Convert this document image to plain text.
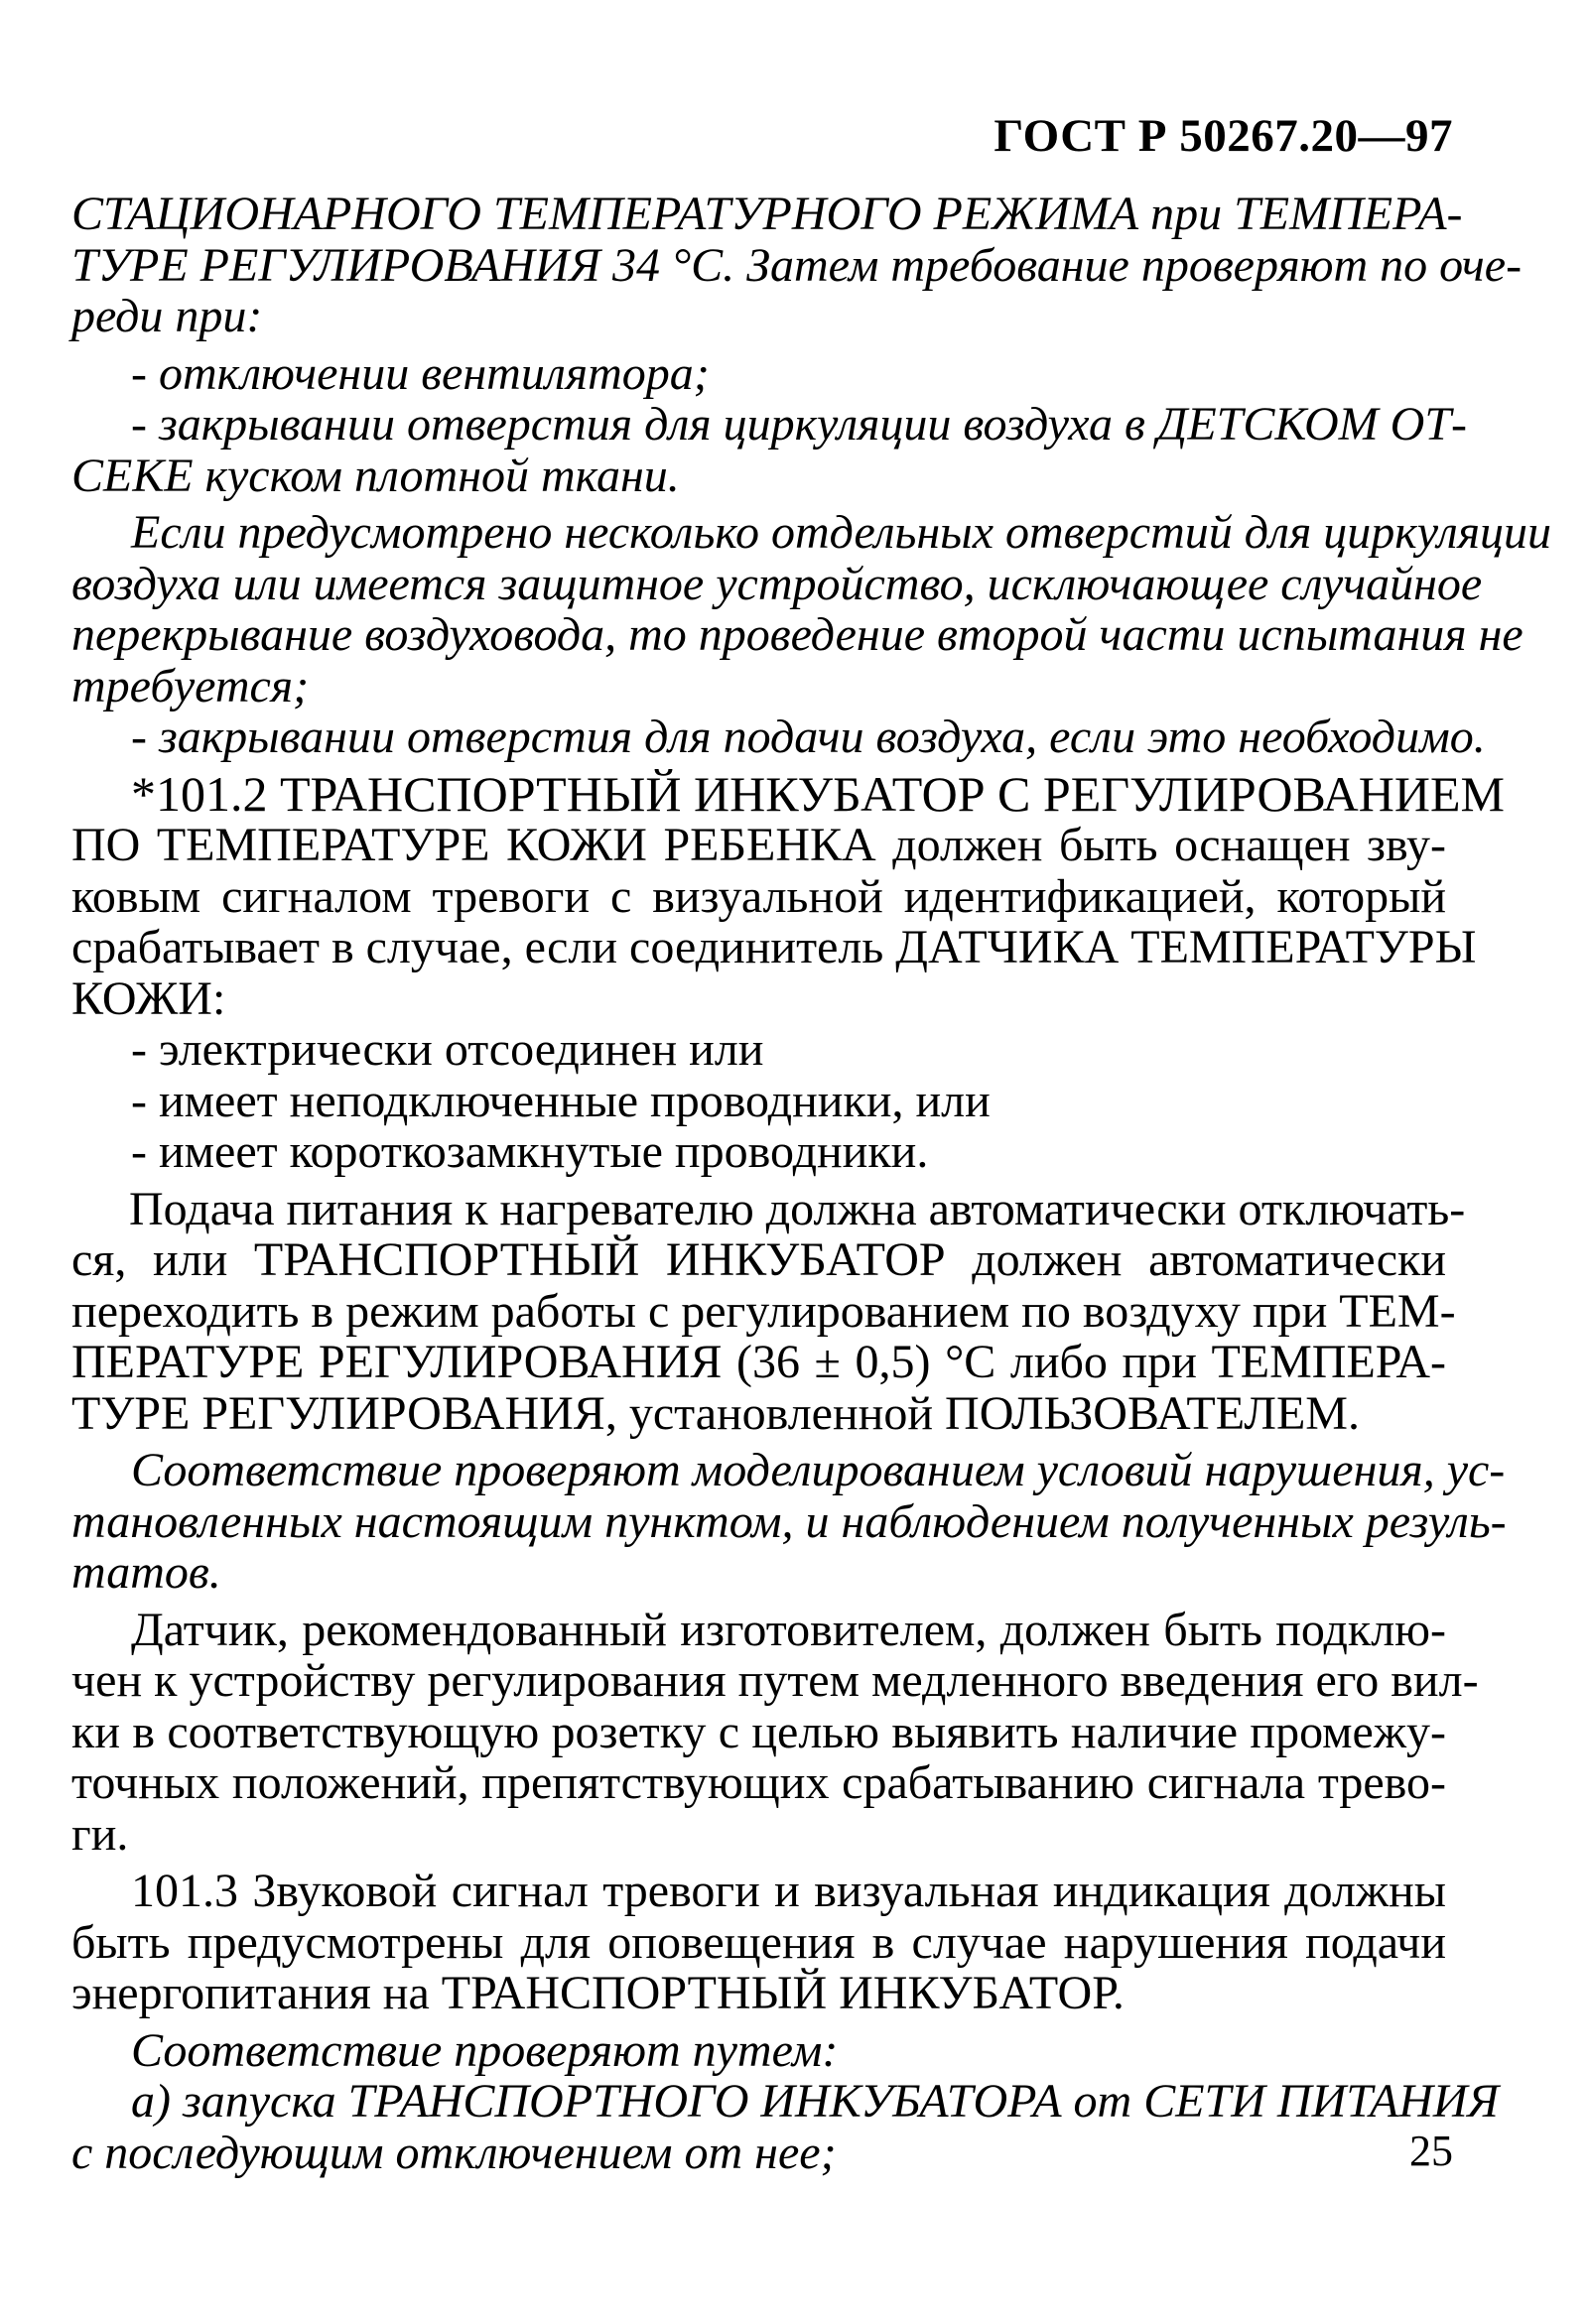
ГОСТ Р 50267.20—97
СТАЦИОНАРНОГО ТЕМПЕРАТУРНОГО РЕЖИМА при ТЕМПЕРА-
ТУРЕ РЕГУЛИРОВАНИЯ 34 °С. Затем требование проверяют по оче-
реди при:
- отключении вентилятора;
- закрывании отверстия для циркуляции воздуха в ДЕТСКОМ ОТ-
СЕКЕ куском плотной ткани.
Если предусмотрено несколько отдельных отверстий для циркуляции
воздуха или имеется защитное устройство, исключающее случайное
перекрывание воздуховода, то проведение второй части испытания не
требуется;
- закрывании отверстия для подачи воздуха, если это необходимо.
*101.2 ТРАНСПОРТНЫЙ ИНКУБАТОР С РЕГУЛИРОВАНИЕМ
ПО ТЕМПЕРАТУРЕ КОЖИ РЕБЕНКА должен быть оснащен зву-
ковым сигналом тревоги с визуальной идентификацией, который
срабатывает в случае, если соединитель ДАТЧИКА ТЕМПЕРАТУРЫ
КОЖИ:
- электрически отсоединен или
- имеет неподключенные проводники, или
- имеет короткозамкнутые проводники.
Подача питания к нагревателю должна автоматически отключать-
ся, или ТРАНСПОРТНЫЙ ИНКУБАТОР должен автоматически
переходить в режим работы с регулированием по воздуху при ТЕМ-
ПЕРАТУРЕ РЕГУЛИРОВАНИЯ (36 ± 0,5) °С либо при ТЕМПЕРА-
ТУРЕ РЕГУЛИРОВАНИЯ, установленной ПОЛЬЗОВАТЕЛЕМ.
Соответствие проверяют моделированием условий нарушения, ус-
тановленных настоящим пунктом, и наблюдением полученных резуль-
татов.
Датчик, рекомендованный изготовителем, должен быть подклю-
чен к устройству регулирования путем медленного введения его вил-
ки в соответствующую розетку с целью выявить наличие промежу-
точных положений, препятствующих срабатыванию сигнала трево-
ги.
101.3 Звуковой сигнал тревоги и визуальная индикация должны
быть предусмотрены для оповещения в случае нарушения подачи
энергопитания на ТРАНСПОРТНЫЙ ИНКУБАТОР.
Соответствие проверяют путем:
а) запуска ТРАНСПОРТНОГО ИНКУБАТОРА от СЕТИ ПИТАНИЯ
с последующим отключением от нее;	25
